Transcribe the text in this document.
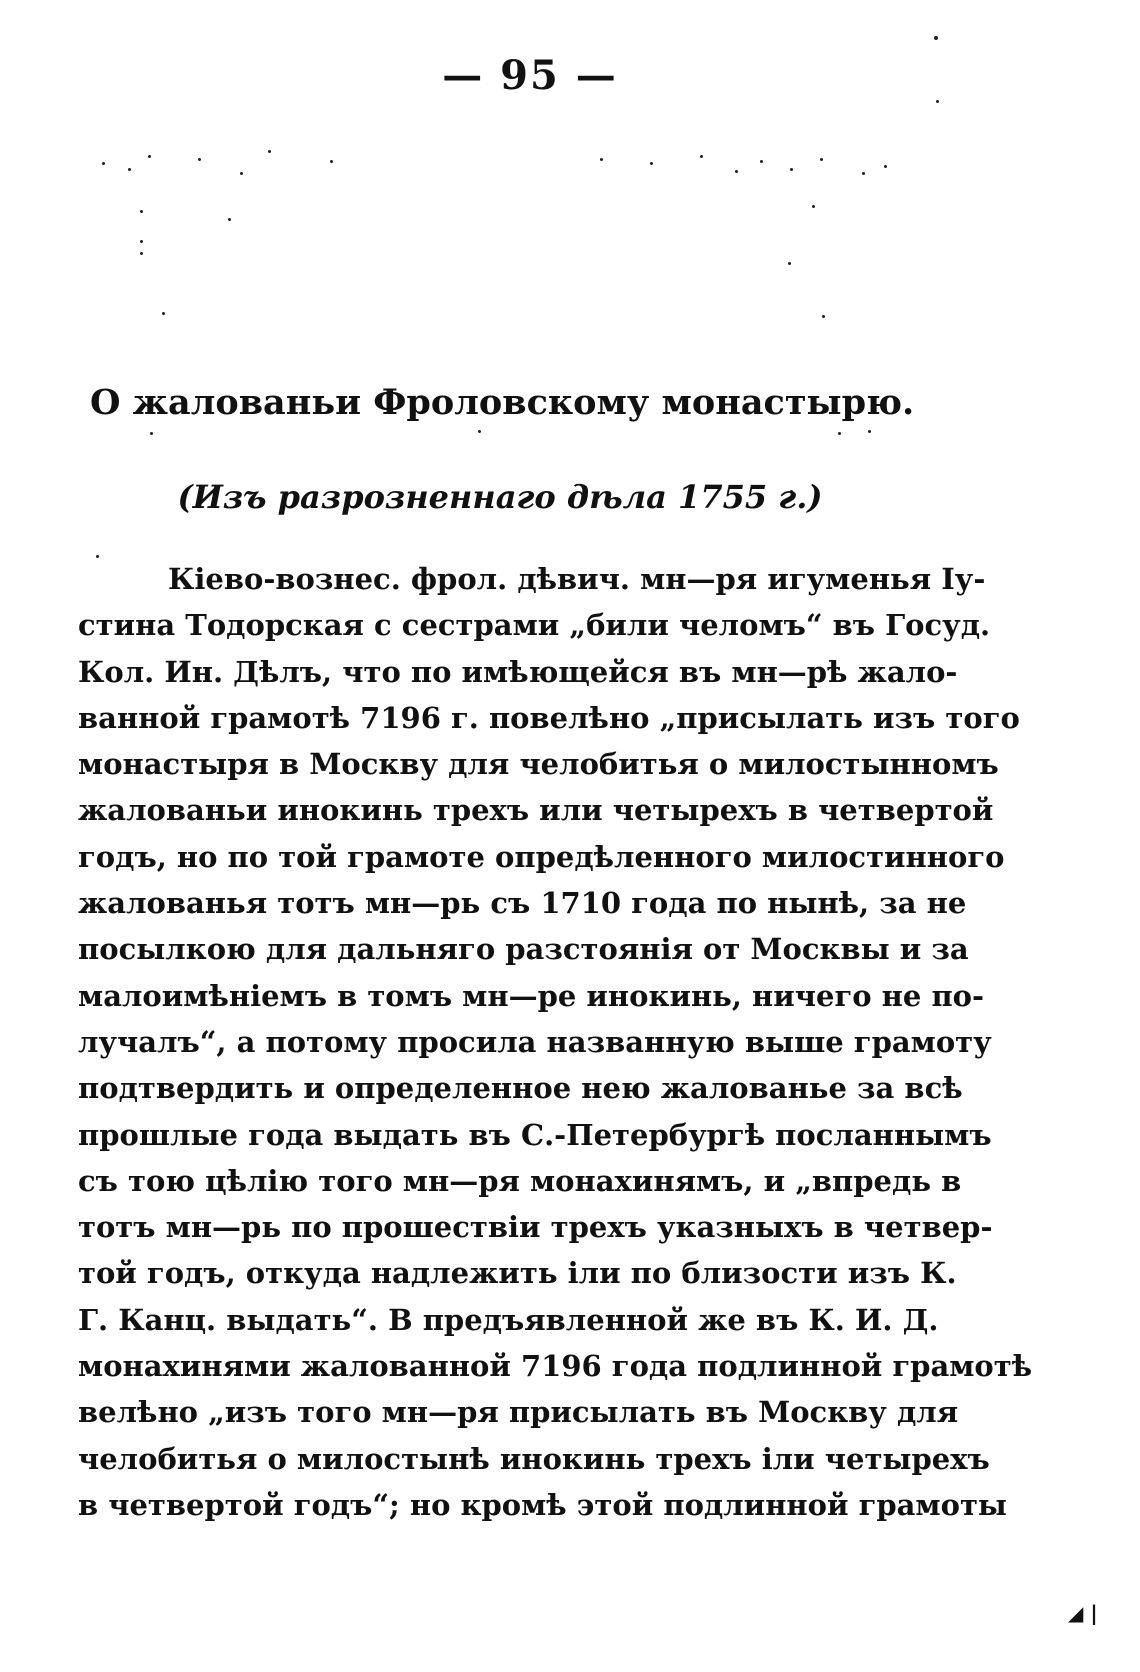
— 95 —
О жалованьи Фроловскому монастырю.
(Изъ разрозненнаго дѣла 1755 г.)
Кіево-вознес. фрол. дѣвич. мн—ря игуменья Іу-
стина Тодорская с сестрами „били челомъ“ въ Госуд.
Кол. Ин. Дѣлъ, что по имѣющейся въ мн—рѣ жало-
ванной грамотѣ 7196 г. повелѣно „присылать изъ того
монастыря в Москву для челобитья о милостынномъ
жалованьи инокинь трехъ или четырехъ в четвертой
годъ, но по той грамоте опредѣленного милостинного
жалованья тотъ мн—рь съ 1710 года по нынѣ, за не
посылкою для дальняго разстоянія от Москвы и за
малоимѣніемъ в томъ мн—ре инокинь, ничего не по-
лучалъ“, а потому просила названную выше грамоту
подтвердить и определенное нею жалованье за всѣ
прошлые года выдать въ С.-Петербургѣ посланнымъ
съ тою цѣлію того мн—ря монахинямъ, и „впредь в
тотъ мн—рь по прошествіи трехъ указныхъ в четвер-
той годъ, откуда надлежить іли по близости изъ К.
Г. Канц. выдать“. В предъявленной же въ К. И. Д.
монахинями жалованной 7196 года подлинной грамотѣ
велѣно „изъ того мн—ря присылать въ Москву для
челобитья о милостынѣ инокинь трехъ іли четырехъ
в четвертой годъ“; но кромѣ этой подлинной грамоты
◢ |
